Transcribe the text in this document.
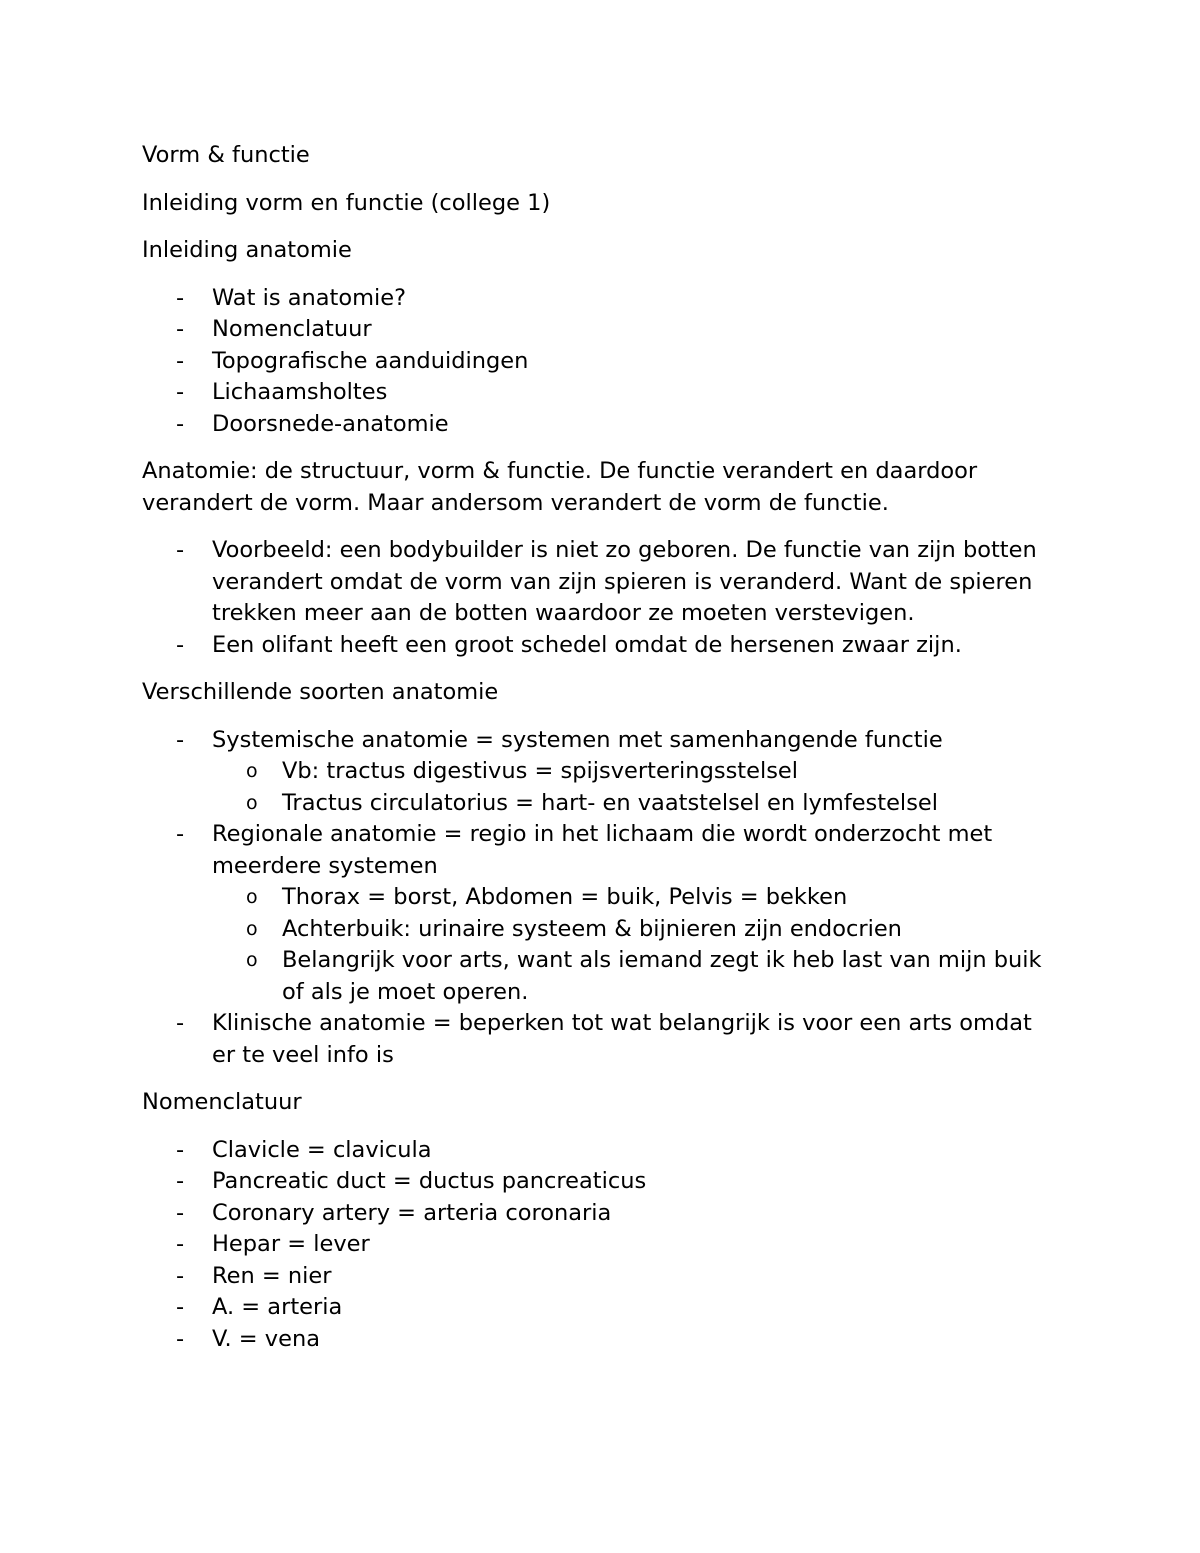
Vorm & functie
Inleiding vorm en functie (college 1)
Inleiding anatomie
- Wat is anatomie?
- Nomenclatuur
- Topografische aanduidingen
- Lichaamsholtes
- Doorsnede-anatomie
Anatomie: de structuur, vorm & functie. De functie verandert en daardoor verandert de vorm. Maar andersom verandert de vorm de functie.
- Voorbeeld: een bodybuilder is niet zo geboren. De functie van zijn botten verandert omdat de vorm van zijn spieren is veranderd. Want de spieren trekken meer aan de botten waardoor ze moeten verstevigen.
- Een olifant heeft een groot schedel omdat de hersenen zwaar zijn.
Verschillende soorten anatomie
- Systemische anatomie = systemen met samenhangende functie
o Vb: tractus digestivus = spijsverteringsstelsel
o Tractus circulatorius = hart- en vaatstelsel en lymfestelsel
- Regionale anatomie = regio in het lichaam die wordt onderzocht met meerdere systemen
o Thorax = borst, Abdomen = buik, Pelvis = bekken
o Achterbuik: urinaire systeem & bijnieren zijn endocrien
o Belangrijk voor arts, want als iemand zegt ik heb last van mijn buik of als je moet operen.
- Klinische anatomie = beperken tot wat belangrijk is voor een arts omdat er te veel info is
Nomenclatuur
- Clavicle = clavicula
- Pancreatic duct = ductus pancreaticus
- Coronary artery = arteria coronaria
- Hepar = lever
- Ren = nier
- A. = arteria
- V. = vena
